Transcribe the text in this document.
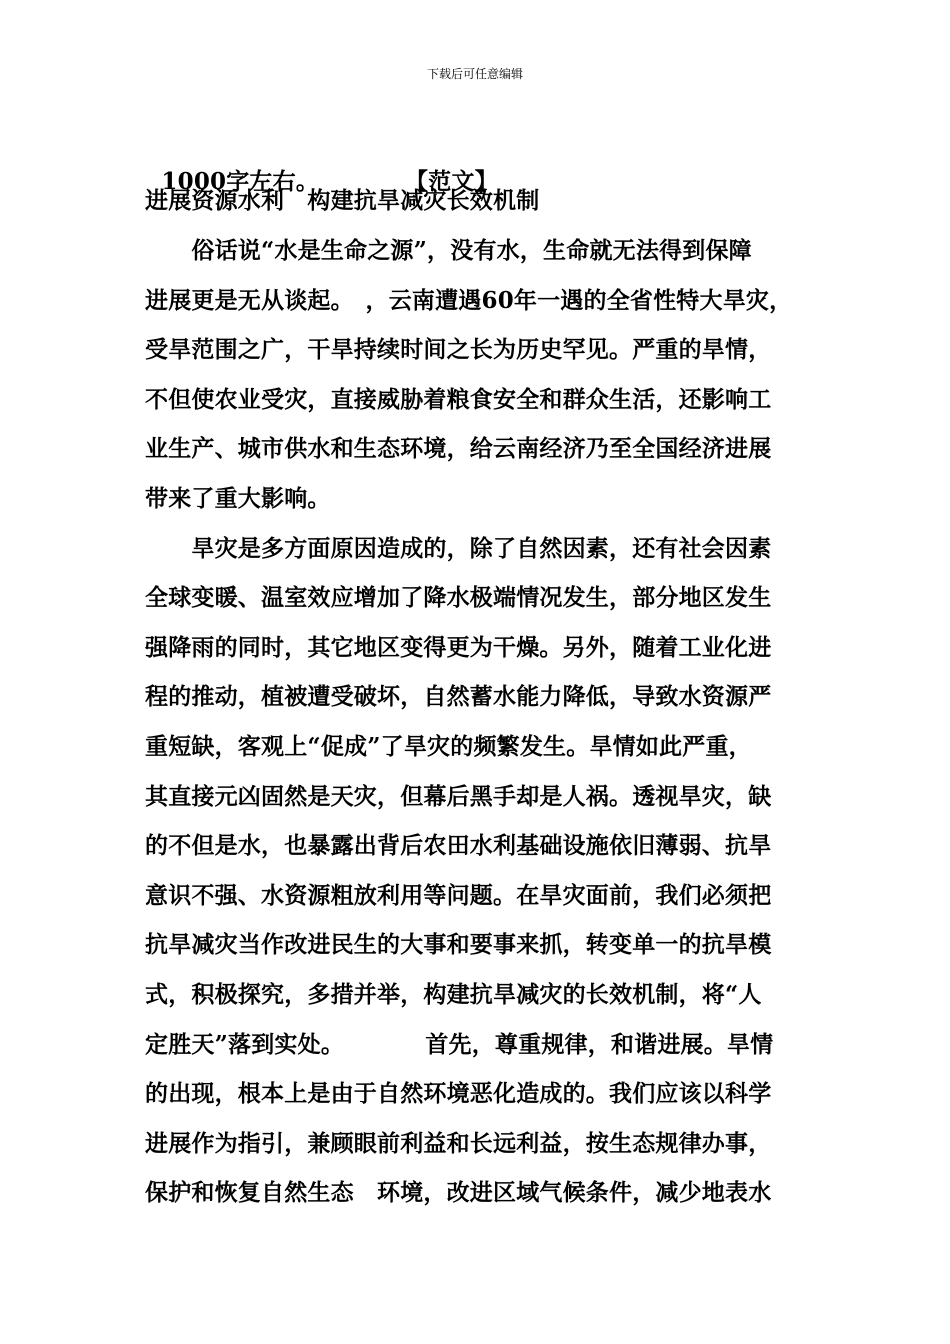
下载后可任意编辑

1000字左右。	【范文】

进展资源水利　构建抗旱减灾长效机制
　　俗话说“水是生命之源”，没有水，生命就无法得到保障
进展更是无从谈起。　，云南遭遇60年一遇的全省性特大旱灾，
受旱范围之广，干旱持续时间之长为历史罕见。严重的旱情，
不但使农业受灾，直接威胁着粮食安全和群众生活，还影响工
业生产、城市供水和生态环境，给云南经济乃至全国经济进展
带来了重大影响。
　　旱灾是多方面原因造成的，除了自然因素，还有社会因素
全球变暖、温室效应增加了降水极端情况发生，部分地区发生
强降雨的同时，其它地区变得更为干燥。另外，随着工业化进
程的推动，植被遭受破坏，自然蓄水能力降低，导致水资源严
重短缺，客观上“促成”了旱灾的频繁发生。旱情如此严重，
其直接元凶固然是天灾，但幕后黑手却是人祸。透视旱灾，缺
的不但是水，也暴露出背后农田水利基础设施依旧薄弱、抗旱
意识不强、水资源粗放利用等问题。在旱灾面前，我们必须把
抗旱减灾当作改进民生的大事和要事来抓，转变单一的抗旱模
式，积极探究，多措并举，构建抗旱减灾的长效机制，将“人
定胜天”落到实处。　　　　首先，尊重规律，和谐进展。旱情
的出现，根本上是由于自然环境恶化造成的。我们应该以科学
进展作为指引，兼顾眼前利益和长远利益，按生态规律办事，
保护和恢复自然生态　环境，改进区域气候条件，减少地表水
